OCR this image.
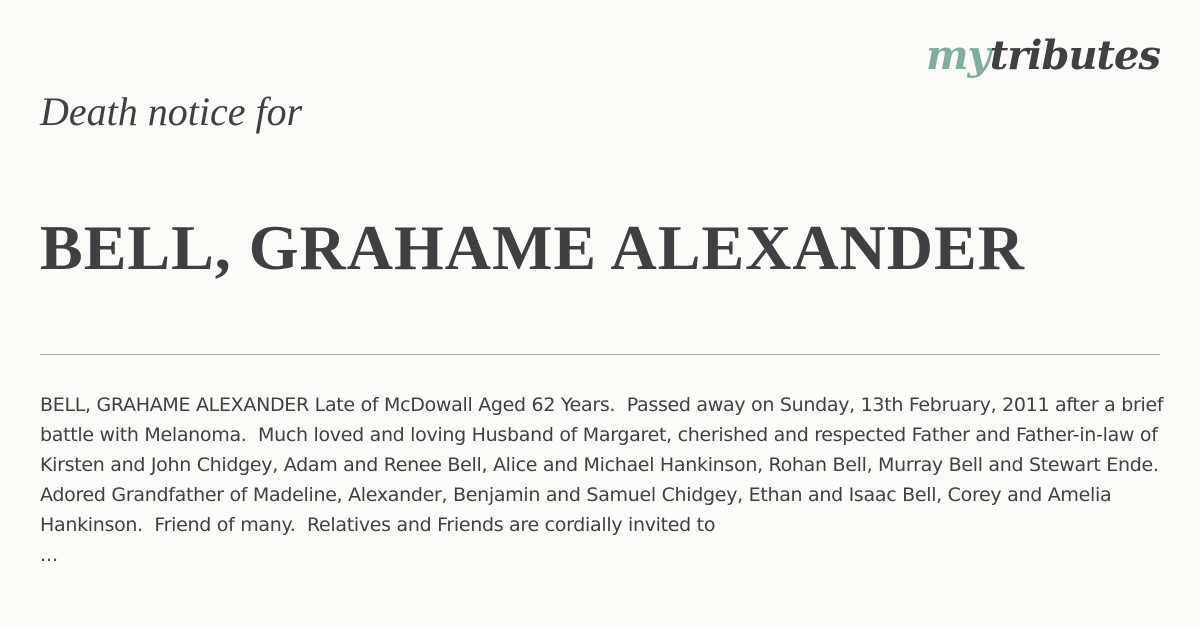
mytributes
Death notice for
BELL, GRAHAME ALEXANDER

BELL, GRAHAME ALEXANDER Late of McDowall Aged 62 Years.  Passed away on Sunday, 13th February, 2011 after a brief battle with Melanoma.  Much loved and loving Husband of Margaret, cherished and respected Father and Father-in-law of Kirsten and John Chidgey, Adam and Renee Bell, Alice and Michael Hankinson, Rohan Bell, Murray Bell and Stewart Ende.  Adored Grandfather of Madeline, Alexander, Benjamin and Samuel Chidgey, Ethan and Isaac Bell, Corey and Amelia Hankinson.  Friend of many.  Relatives and Friends are cordially invited to

...
